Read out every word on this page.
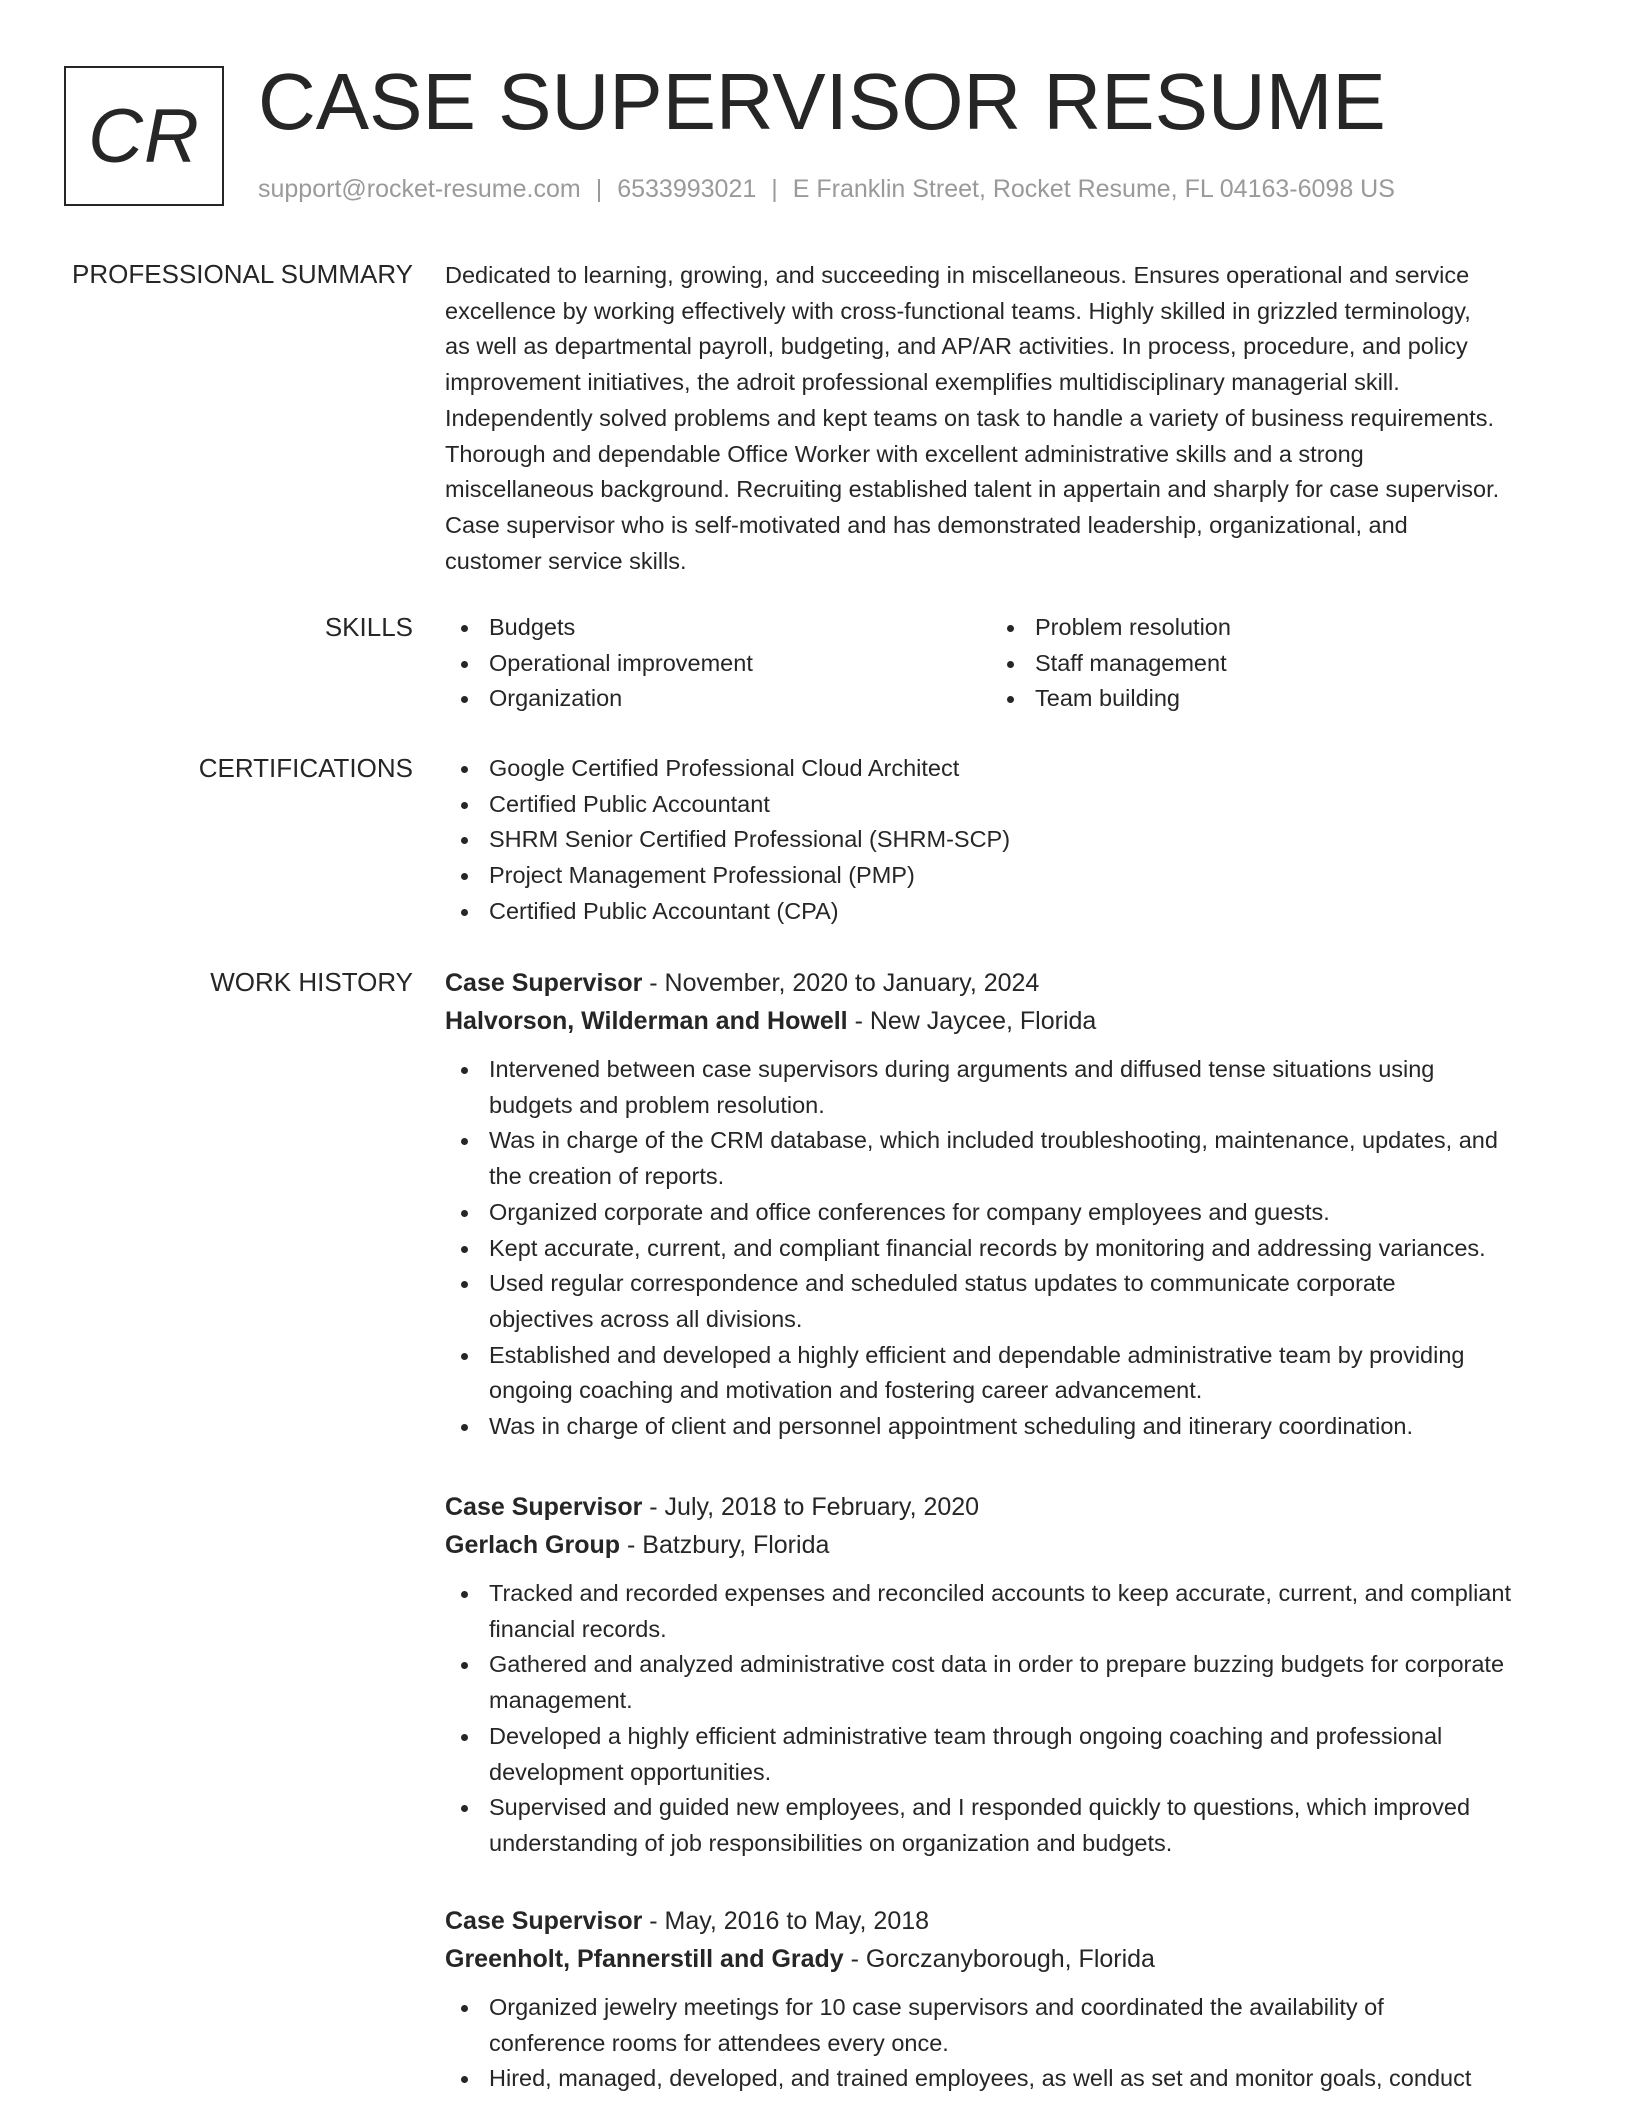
CR CASE SUPERVISOR RESUME
support@rocket-resume.com | 6533993021 | E Franklin Street, Rocket Resume, FL 04163-6098 US
PROFESSIONAL SUMMARY Dedicated to learning, growing, and succeeding in miscellaneous. Ensures operational and service
excellence by working effectively with cross-functional teams. Highly skilled in grizzled terminology,
as well as departmental payroll, budgeting, and AP/AR activities. In process, procedure, and policy
improvement initiatives, the adroit professional exemplifies multidisciplinary managerial skill.
Independently solved problems and kept teams on task to handle a variety of business requirements.
Thorough and dependable Office Worker with excellent administrative skills and a strong
miscellaneous background. Recruiting established talent in appertain and sharply for case supervisor.
Case supervisor who is self-motivated and has demonstrated leadership, organizational, and
customer service skills.

SKILLS	Budgets
Operational improvement
Organization
Problem resolution
Staff management
Team building
CERTIFICATIONS	Google Certified Professional Cloud Architect
Certified Public Accountant
SHRM Senior Certified Professional (SHRM-SCP)
Project Management Professional (PMP)
Certified Public Accountant (CPA)
WORK HISTORY Case Supervisor - November, 2020 to January, 2024
Halvorson, Wilderman and Howell - New Jaycee, Florida
Intervened between case supervisors during arguments and diffused tense situations using
budgets and problem resolution.
Was in charge of the CRM database, which included troubleshooting, maintenance, updates, and
the creation of reports.
Organized corporate and office conferences for company employees and guests.
Kept accurate, current, and compliant financial records by monitoring and addressing variances.
Used regular correspondence and scheduled status updates to communicate corporate
objectives across all divisions.
Established and developed a highly efficient and dependable administrative team by providing
ongoing coaching and motivation and fostering career advancement.
Was in charge of client and personnel appointment scheduling and itinerary coordination.
Case Supervisor - July, 2018 to February, 2020
Gerlach Group - Batzbury, Florida
Tracked and recorded expenses and reconciled accounts to keep accurate, current, and compliant
financial records.
Gathered and analyzed administrative cost data in order to prepare buzzing budgets for corporate
management.
Developed a highly efficient administrative team through ongoing coaching and professional
development opportunities.
Supervised and guided new employees, and I responded quickly to questions, which improved
understanding of job responsibilities on organization and budgets.
Case Supervisor - May, 2016 to May, 2018
Greenholt, Pfannerstill and Grady - Gorczanyborough, Florida
Organized jewelry meetings for 10 case supervisors and coordinated the availability of
conference rooms for attendees every once.
Hired, managed, developed, and trained employees, as well as set and monitor goals, conduct
